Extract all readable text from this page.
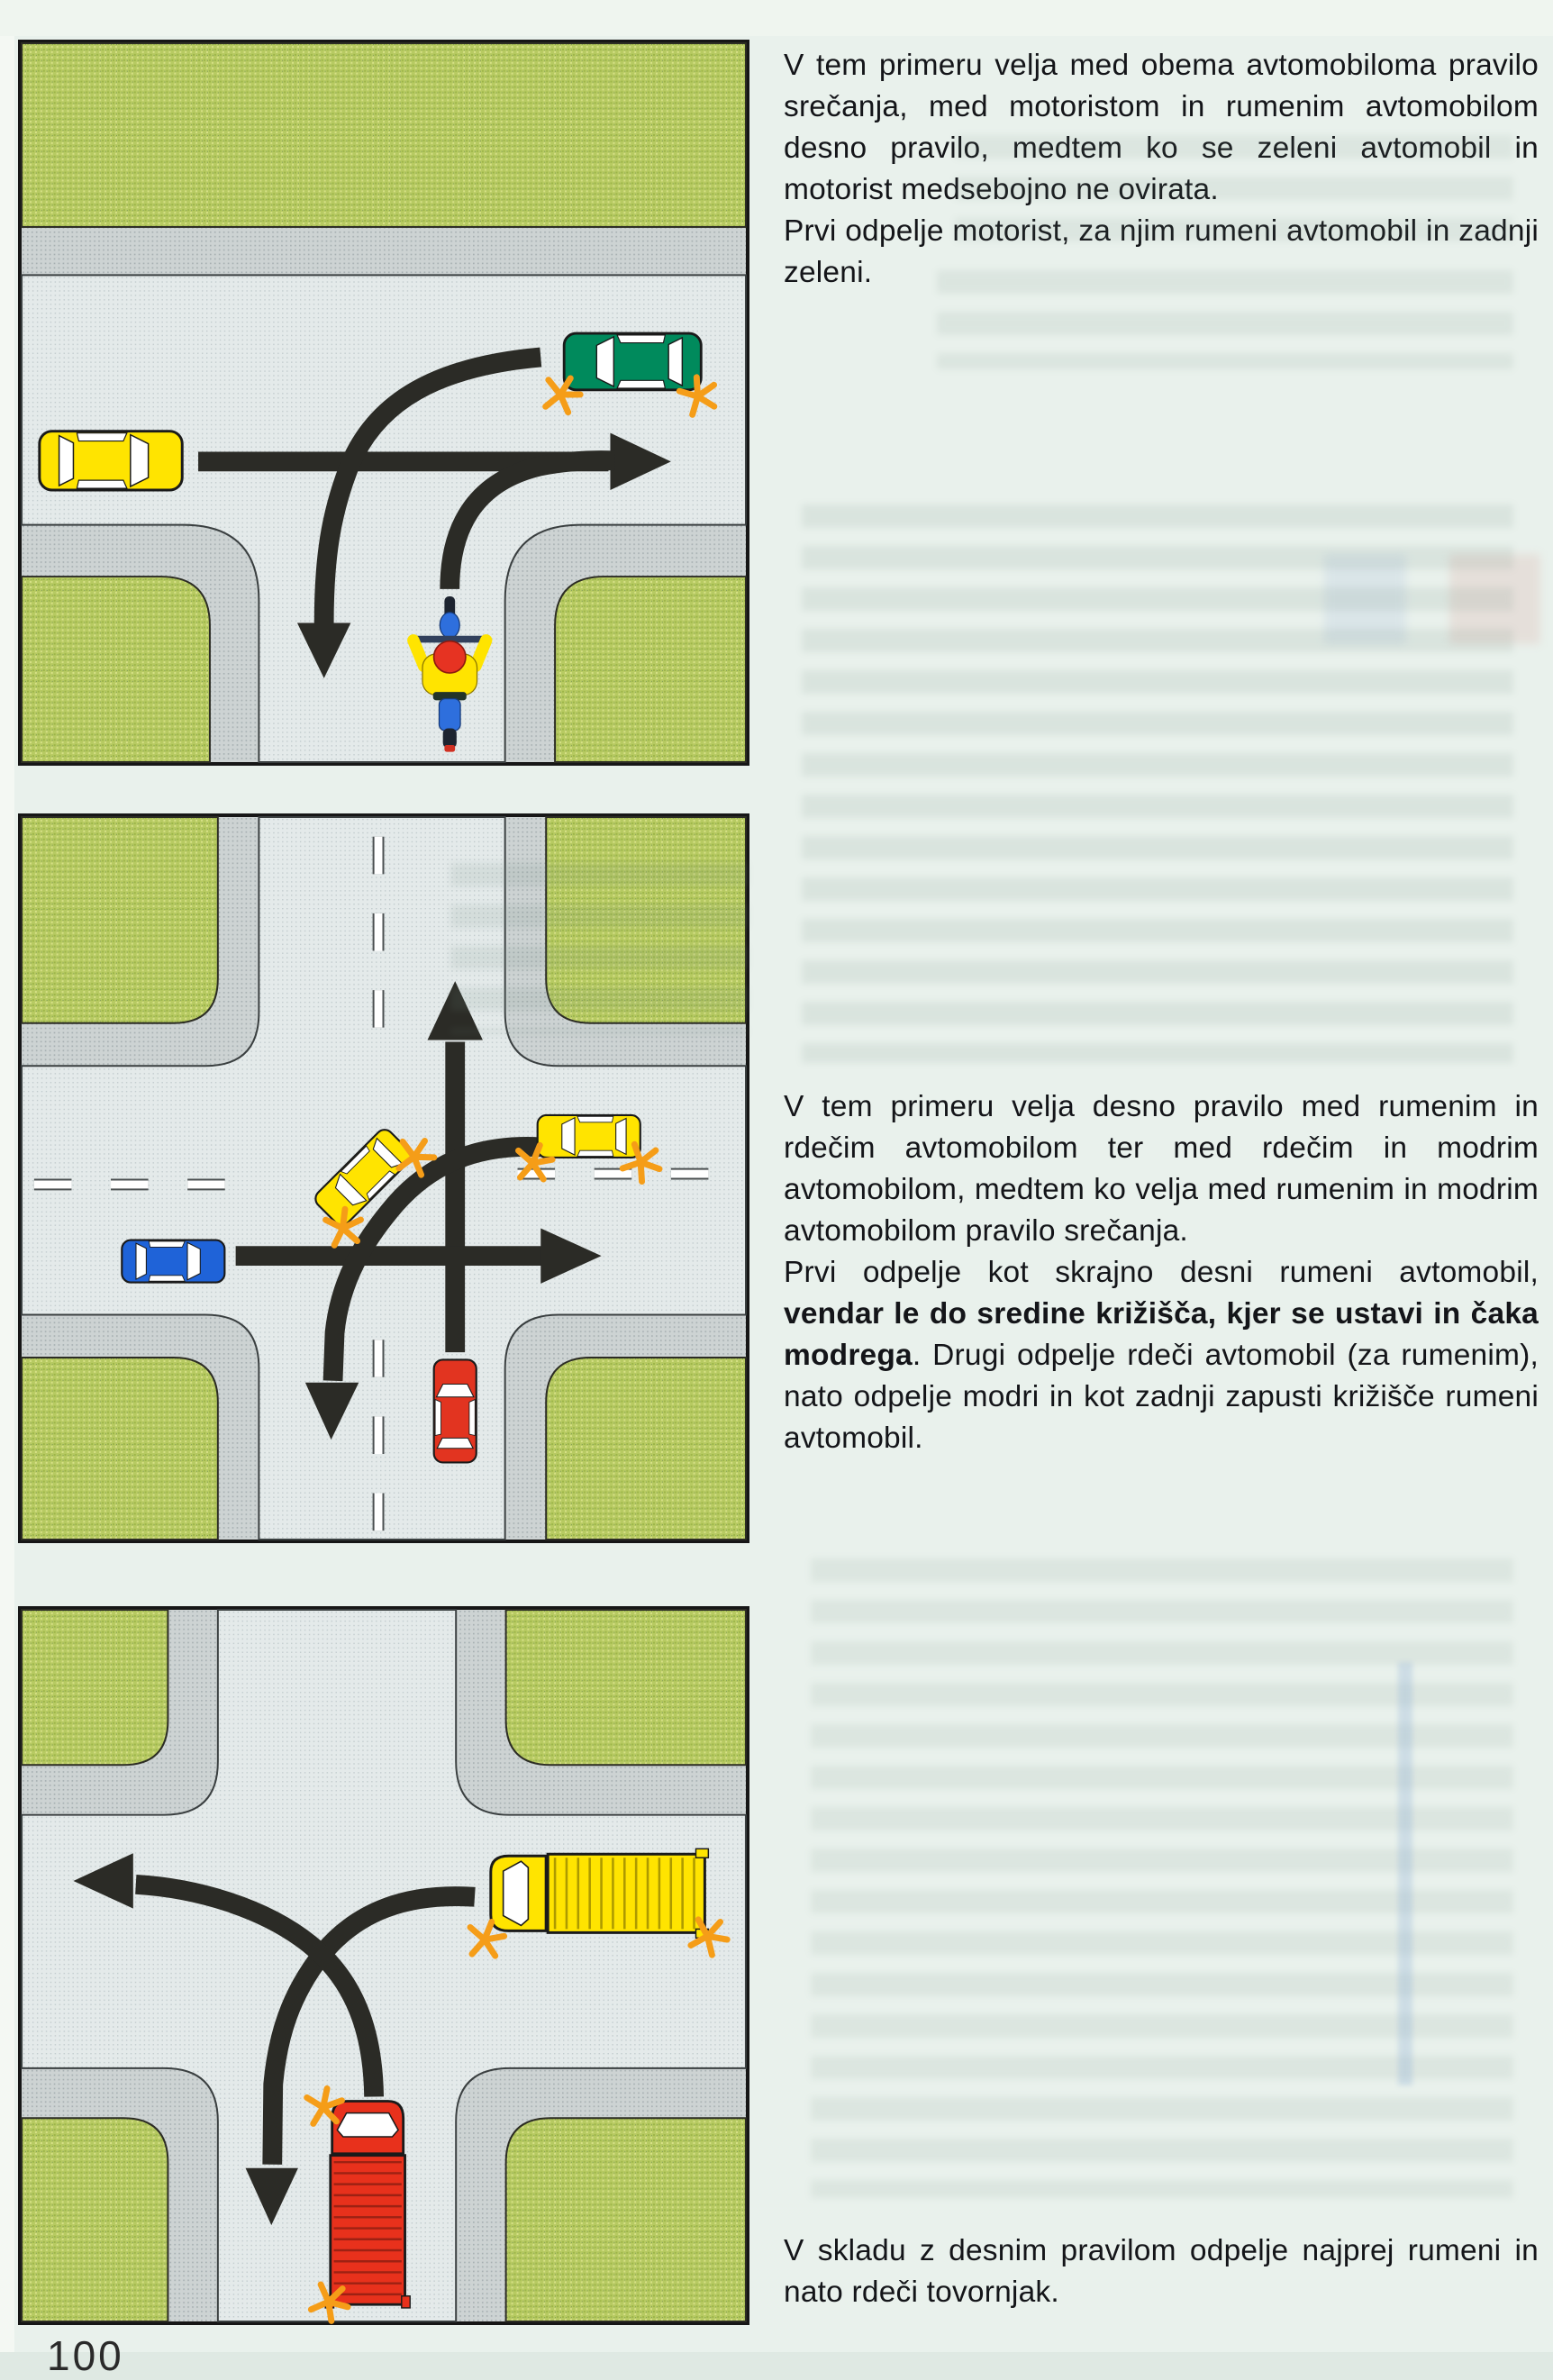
V tem primeru velja med obema avtomobiloma pravilo srečanja, med motoristom in rumenim avtomobilom desno pravilo, medtem ko se zeleni avtomobil in motorist medsebojno ne ovirata.

Prvi odpelje motorist, za njim rumeni avtomobil in zadnji zeleni.

V tem primeru velja desno pravilo med rumenim in rdečim avtomobilom ter med rdečim in modrim avtomobilom, medtem ko velja med rumenim in modrim avtomobilom pravilo srečanja.

Prvi odpelje kot skrajno desni rumeni avtomobil, vendar le do sredine križišča, kjer se ustavi in čaka modrega. Drugi odpelje rdeči avtomobil (za rumenim), nato odpelje modri in kot zadnji zapusti križišče rumeni avtomobil.

V skladu z desnim pravilom odpelje najprej rumeni in nato rdeči tovornjak.

100
